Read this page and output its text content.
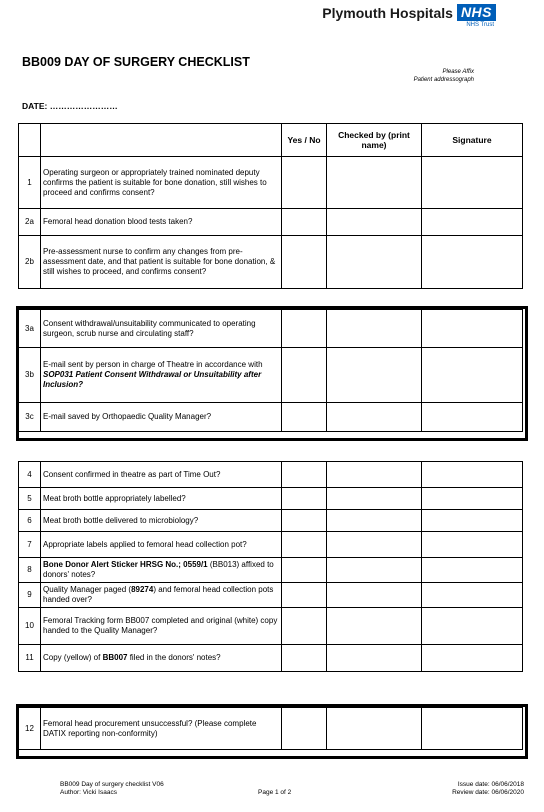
Plymouth Hospitals NHS
NHS Trust
BB009 DAY OF SURGERY CHECKLIST
Please Affix
Patient addressograph
DATE: ……………………
		Yes / No	Checked by (print name)	Signature
1	Operating surgeon or appropriately trained nominated deputy confirms the patient is suitable for bone donation, still wishes to proceed and confirms consent?			
2a	Femoral head donation blood tests taken?			
2b	Pre-assessment nurse to confirm any changes from pre-assessment date, and that patient is suitable for bone donation, & still wishes to proceed, and confirms consent?			
3a	Consent withdrawal/unsuitability communicated to operating surgeon, scrub nurse and circulating staff?			
3b	E-mail sent by person in charge of Theatre in accordance with SOP031 Patient Consent Withdrawal or Unsuitability after Inclusion?			
3c	E-mail saved by Orthopaedic Quality Manager?			
4	Consent confirmed in theatre as part of Time Out?			
5	Meat broth bottle appropriately labelled?			
6	Meat broth bottle delivered to microbiology?			
7	Appropriate labels applied to femoral head collection pot?			
8	Bone Donor Alert Sticker HRSG No.; 0559/1 (BB013) affixed to donors' notes?			
9	Quality Manager paged (89274) and femoral head collection pots handed over?			
10	Femoral Tracking form BB007 completed and original (white) copy handed to the Quality Manager?			
11	Copy (yellow) of BB007 filed in the donors' notes?			
12	Femoral head procurement unsuccessful? (Please complete DATIX reporting non-conformity)			
BB009 Day of surgery checklist V06
Author: Vicki Isaacs	Page 1 of 2
Issue date: 06/06/2018
Review date: 06/06/2020
